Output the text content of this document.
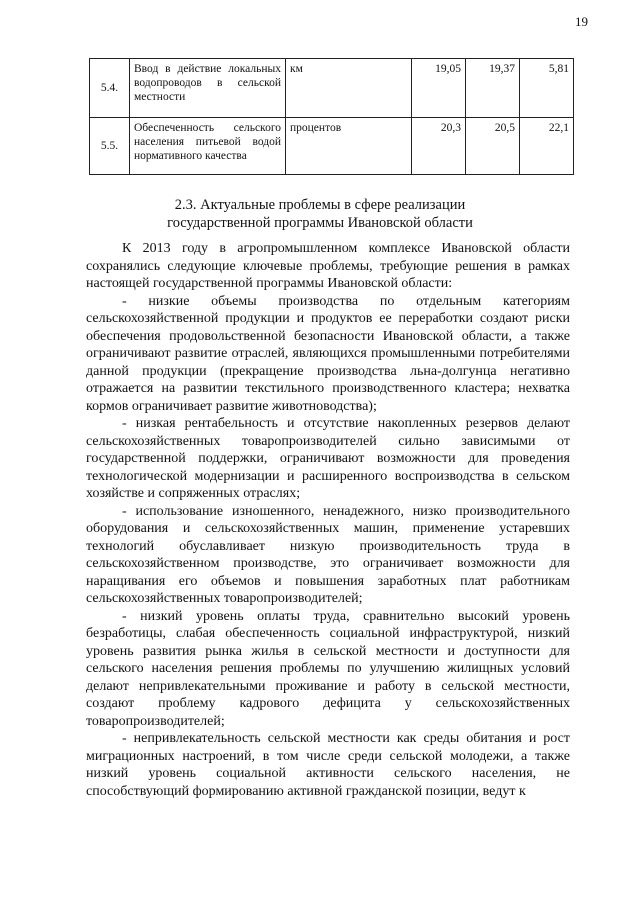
19
5.4.	Ввод в действие локальных водопроводов в сельской местности	км	19,05	19,37	5,81
5.5.	Обеспеченность сельского населения питьевой водой нормативного качества	процентов	20,3	20,5	22,1
2.3. Актуальные проблемы в сфере реализации
государственной программы Ивановской области

К 2013 году в агропромышленном комплексе Ивановской области сохранялись следующие ключевые проблемы, требующие решения в рамках настоящей государственной программы Ивановской области:

- низкие объемы производства по отдельным категориям сельскохозяйственной продукции и продуктов ее переработки создают риски обеспечения продовольственной безопасности Ивановской области, а также ограничивают развитие отраслей, являющихся промышленными потребителями данной продукции (прекращение производства льна-долгунца негативно отражается на развитии текстильного производственного кластера; нехватка кормов ограничивает развитие животноводства);

- низкая рентабельность и отсутствие накопленных резервов делают сельскохозяйственных товаропроизводителей сильно зависимыми от государственной поддержки, ограничивают возможности для проведения технологической модернизации и расширенного воспроизводства в сельском хозяйстве и сопряженных отраслях;

- использование изношенного, ненадежного, низко производительного оборудования и сельскохозяйственных машин, применение устаревших технологий обуславливает низкую производительность труда в сельскохозяйственном производстве, это ограничивает возможности для наращивания его объемов и повышения заработных плат работникам сельскохозяйственных товаропроизводителей;

- низкий уровень оплаты труда, сравнительно высокий уровень безработицы, слабая обеспеченность социальной инфраструктурой, низкий уровень развития рынка жилья в сельской местности и доступности для сельского населения решения проблемы по улучшению жилищных условий делают непривлекательными проживание и работу в сельской местности, создают проблему кадрового дефицита у сельскохозяйственных товаропроизводителей;

- непривлекательность сельской местности как среды обитания и рост миграционных настроений, в том числе среди сельской молодежи, а также низкий уровень социальной активности сельского населения, не способствующий формированию активной гражданской позиции, ведут к
